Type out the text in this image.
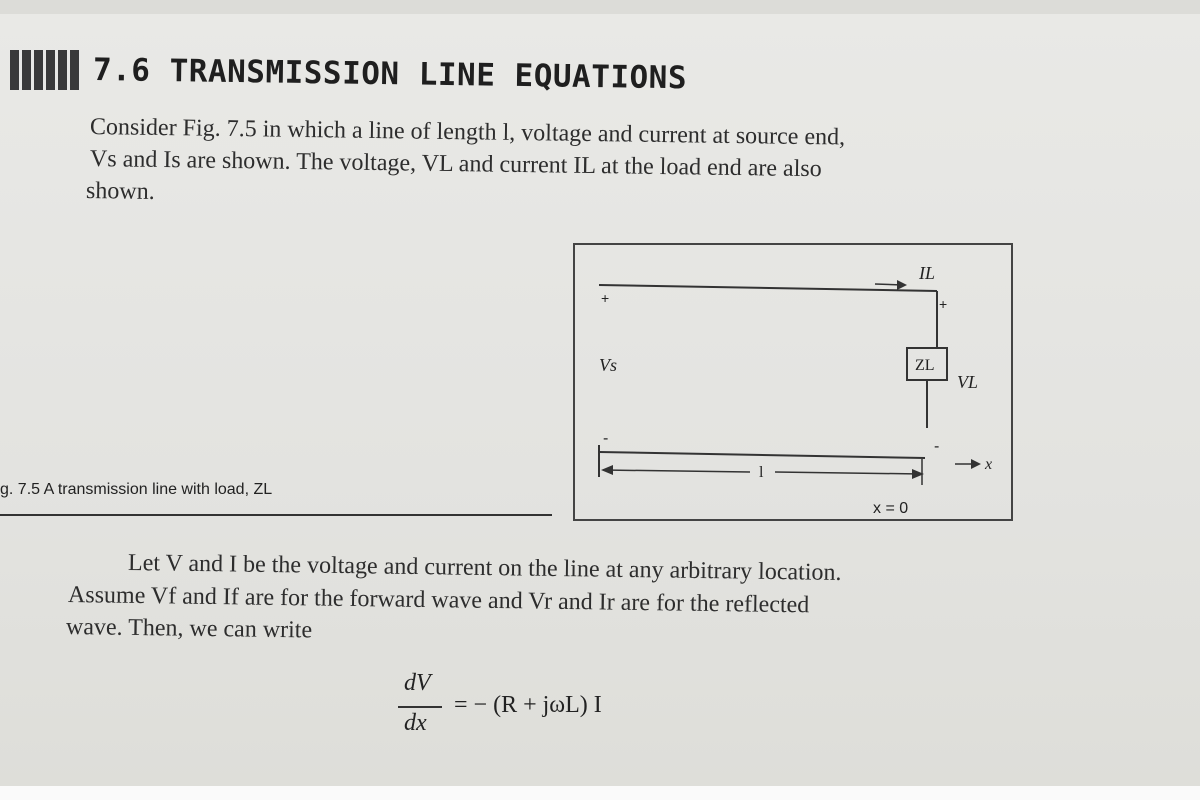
7.6 TRANSMISSION LINE EQUATIONS
Consider Fig. 7.5 in which a line of length l, voltage and current at source end,
Vs and Is are shown. The voltage, VL and current IL at the load end are also
shown.
+
-
Vs
IL
+
-
ZL
VL
l
x = 0
x
g. 7.5 A transmission line with load, ZL
Let V and I be the voltage and current on the line at any arbitrary location.
Assume Vf and If are for the forward wave and Vr and Ir are for the reflected
wave. Then, we can write
dV
dx
= − (R + jωL) I
